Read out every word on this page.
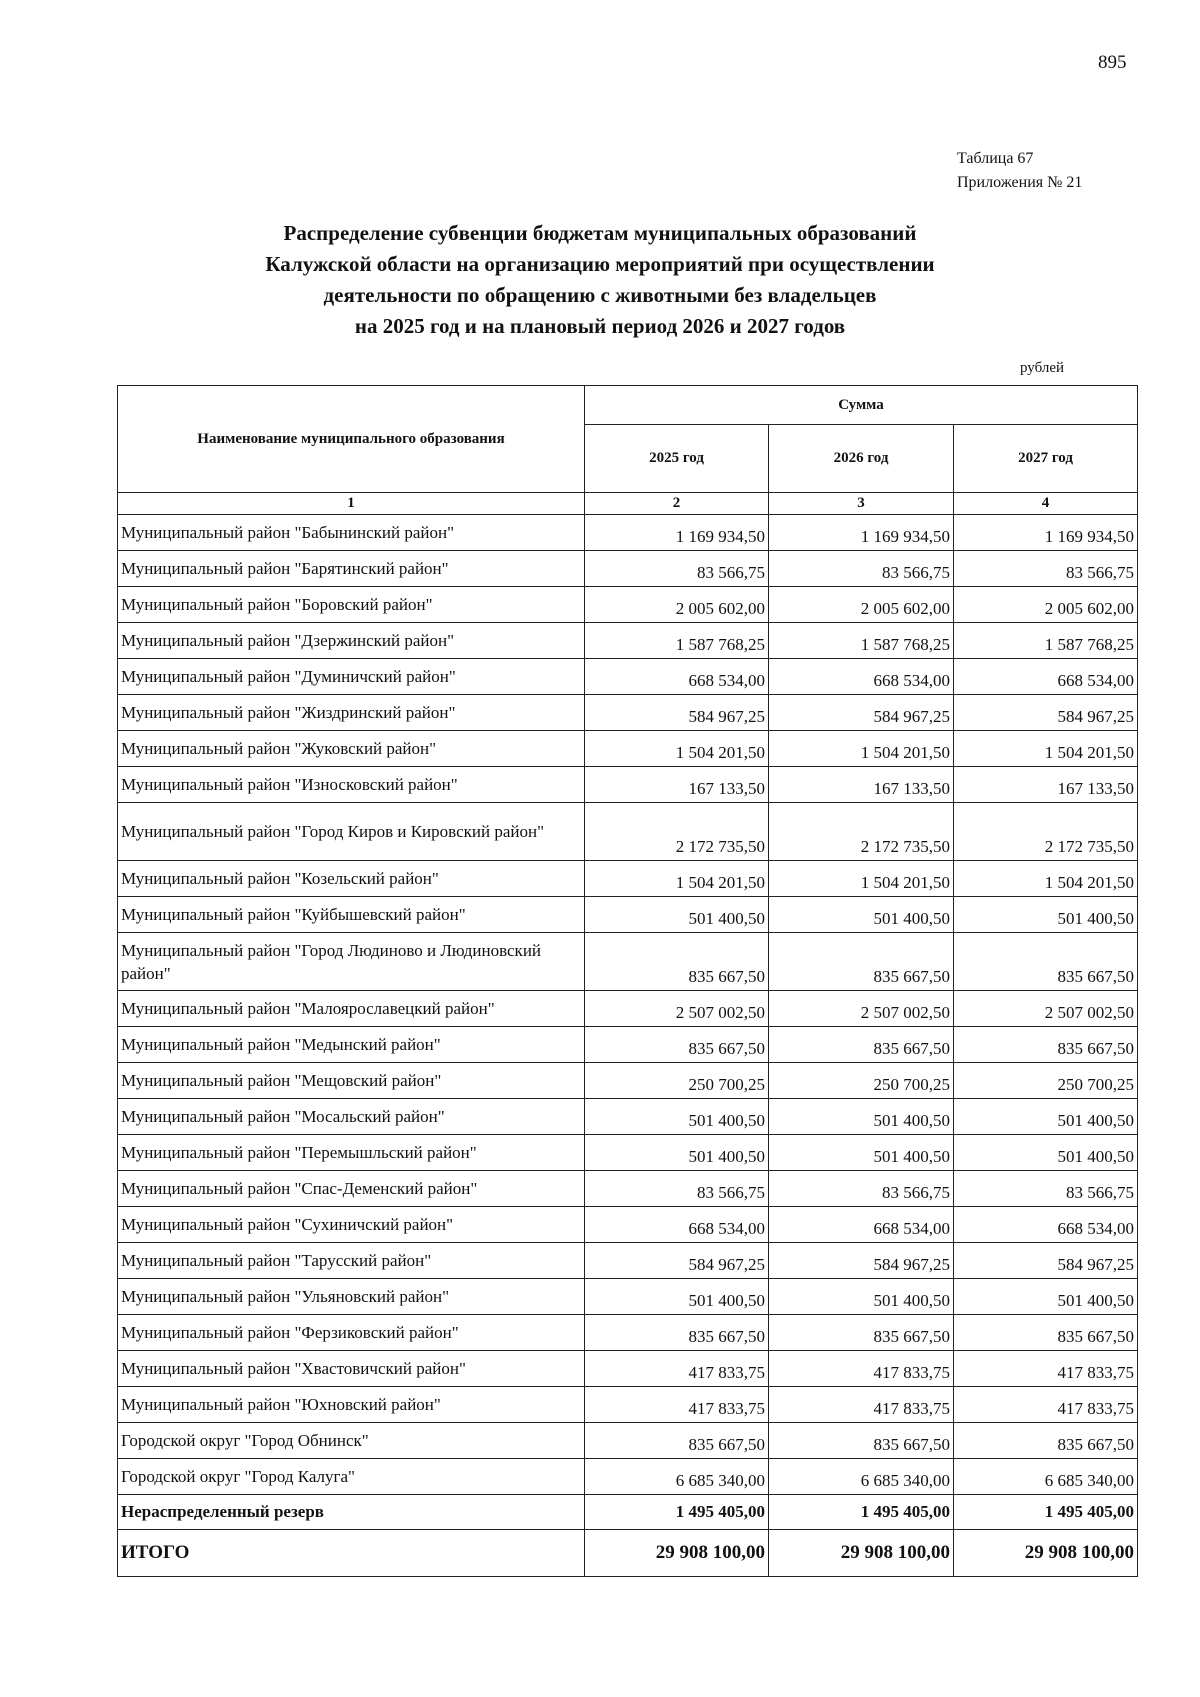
895
Таблица 67
Приложения № 21
Распределение субвенции бюджетам муниципальных образований
Калужской области на организацию мероприятий при осуществлении
деятельности по обращению с животными без владельцев
на 2025 год и на плановый период 2026 и 2027 годов
рублей
Наименование муниципального образования	Сумма		
	2025 год	2026 год	2027 год
1	2	3	4
Муниципальный район "Бабынинский район"	1 169 934,50	1 169 934,50	1 169 934,50
Муниципальный район "Барятинский район"	83 566,75	83 566,75	83 566,75
Муниципальный район "Боровский район"	2 005 602,00	2 005 602,00	2 005 602,00
Муниципальный район "Дзержинский район"	1 587 768,25	1 587 768,25	1 587 768,25
Муниципальный район "Думиничский район"	668 534,00	668 534,00	668 534,00
Муниципальный район "Жиздринский район"	584 967,25	584 967,25	584 967,25
Муниципальный район "Жуковский район"	1 504 201,50	1 504 201,50	1 504 201,50
Муниципальный район "Износковский район"	167 133,50	167 133,50	167 133,50
Муниципальный район "Город Киров и Кировский район"	2 172 735,50	2 172 735,50	2 172 735,50
Муниципальный район "Козельский район"	1 504 201,50	1 504 201,50	1 504 201,50
Муниципальный район "Куйбышевский район"	501 400,50	501 400,50	501 400,50
Муниципальный район "Город Людиново и Людиновский район"	835 667,50	835 667,50	835 667,50
Муниципальный район "Малоярославецкий район"	2 507 002,50	2 507 002,50	2 507 002,50
Муниципальный район "Медынский район"	835 667,50	835 667,50	835 667,50
Муниципальный район "Мещовский район"	250 700,25	250 700,25	250 700,25
Муниципальный район "Мосальский район"	501 400,50	501 400,50	501 400,50
Муниципальный район "Перемышльский район"	501 400,50	501 400,50	501 400,50
Муниципальный район "Спас-Деменский район"	83 566,75	83 566,75	83 566,75
Муниципальный район "Сухиничский район"	668 534,00	668 534,00	668 534,00
Муниципальный район "Тарусский район"	584 967,25	584 967,25	584 967,25
Муниципальный район "Ульяновский район"	501 400,50	501 400,50	501 400,50
Муниципальный район "Ферзиковский район"	835 667,50	835 667,50	835 667,50
Муниципальный район "Хвастовичский район"	417 833,75	417 833,75	417 833,75
Муниципальный район "Юхновский район"	417 833,75	417 833,75	417 833,75
Городской округ "Город Обнинск"	835 667,50	835 667,50	835 667,50
Городской округ "Город Калуга"	6 685 340,00	6 685 340,00	6 685 340,00
Нераспределенный резерв	1 495 405,00	1 495 405,00	1 495 405,00
ИТОГО	29 908 100,00	29 908 100,00	29 908 100,00
